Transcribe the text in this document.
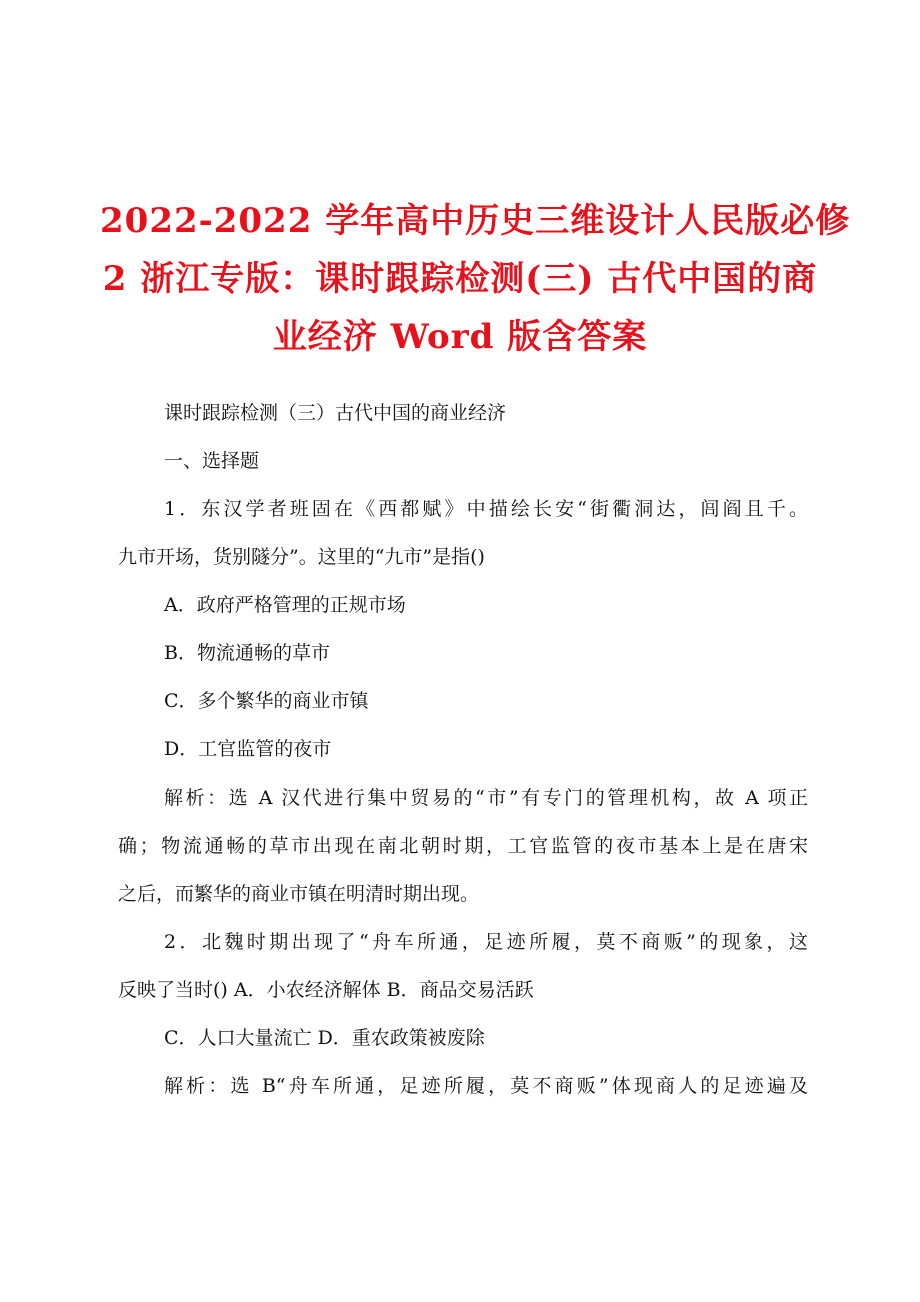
2022-2022 学年高中历史三维设计人民版必修
2 浙江专版：课时跟踪检测(三) 古代中国的商
业经济 Word 版含答案
课时跟踪检测（三）古代中国的商业经济
一、选择题
1．东汉学者班固在《西都赋》中描绘长安“街衢洞达，闾阎且千。
九市开场，货别隧分”。这里的“九市”是指()
A．政府严格管理的正规市场
B．物流通畅的草市
C．多个繁华的商业市镇
D．工官监管的夜市
解析：选 A 汉代进行集中贸易的“市”有专门的管理机构，故 A 项正
确；物流通畅的草市出现在南北朝时期，工官监管的夜市基本上是在唐宋
之后，而繁华的商业市镇在明清时期出现。
2．北魏时期出现了“舟车所通，足迹所履，莫不商贩”的现象，这
反映了当时() A．小农经济解体 B．商品交易活跃
C．人口大量流亡 D．重农政策被废除
解析：选 B“舟车所通，足迹所履，莫不商贩”体现商人的足迹遍及
